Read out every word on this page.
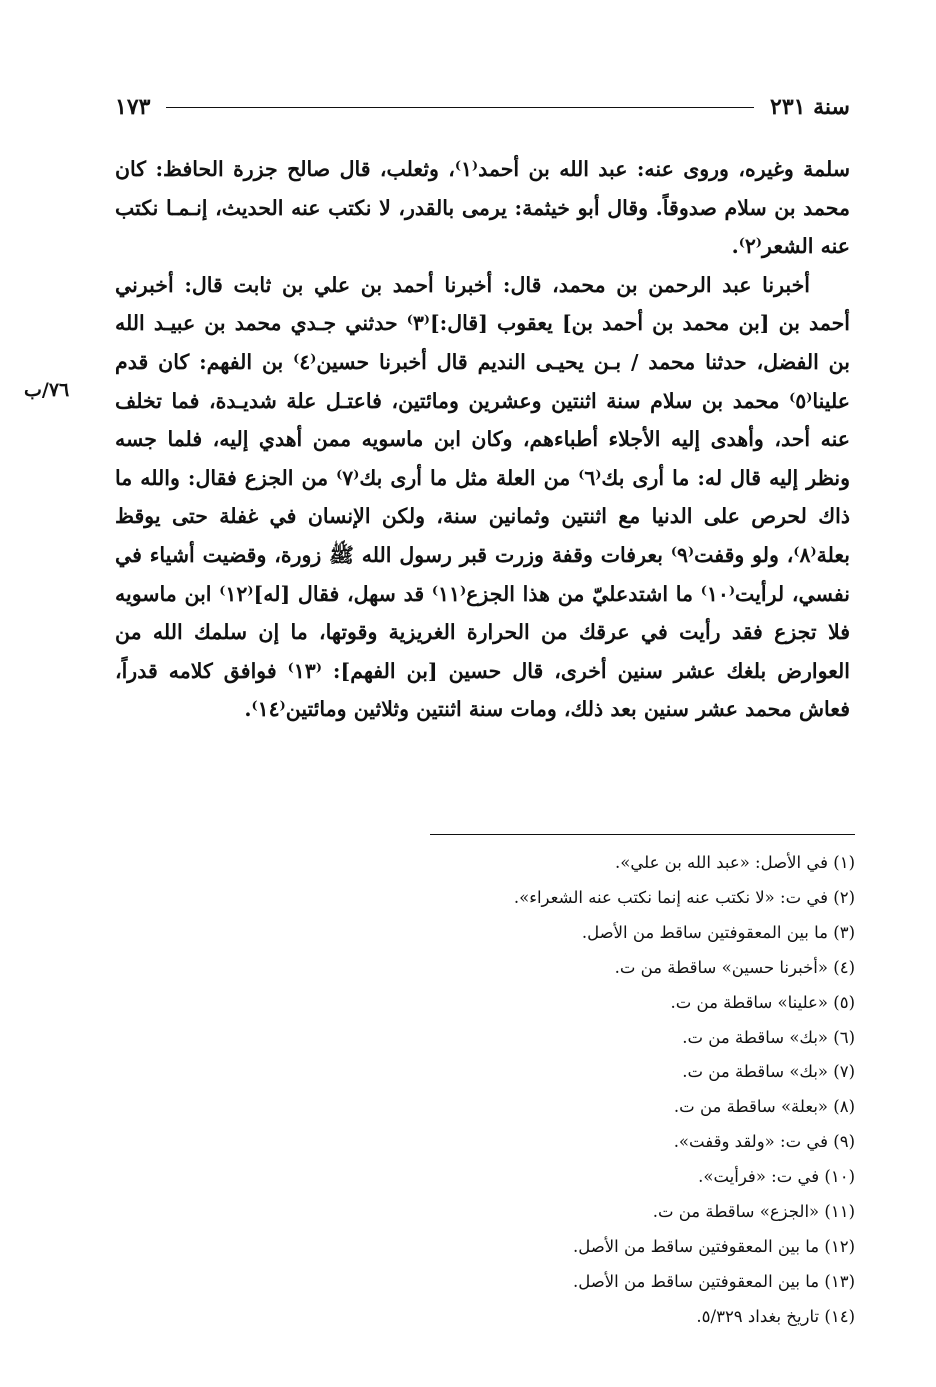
سنة ٢٣١
١٧٣

سلمة وغيره، وروى عنه: عبد الله بن أحمد⁽١⁾، وثعلب، قال صالح جزرة الحافظ: كان محمد بن سلام صدوقاً. وقال أبو خيثمة: يرمى بالقدر، لا نكتب عنه الحديث، إنـمـا نكتب عنه الشعر⁽٢⁾.

أخبرنا عبد الرحمن بن محمد، قال: أخبرنا أحمد بن علي بن ثابت قال: أخبرني أحمد بن [بن محمد بن أحمد بن] يعقوب [قال:]⁽٣⁾ حدثني جـدي محمد بن عبيـد الله بن الفضل، حدثنا محمد / بـن يحيـى النديم قال أخبرنا حسين⁽٤⁾ بن الفهم: كان قدم علينا⁽٥⁾ محمد بن سلام سنة اثنتين وعشرين ومائتين، فاعتـل علة شديـدة، فما تخلف عنه أحد، وأهدى إليه الأجلاء أطباءهم، وكان ابن ماسويه ممن أهدي إليه، فلما جسه ونظر إليه قال له: ما أرى بك⁽٦⁾ من العلة مثل ما أرى بك⁽٧⁾ من الجزع فقال: والله ما ذاك لحرص على الدنيا مع اثنتين وثمانين سنة، ولكن الإنسان في غفلة حتى يوقظ بعلة⁽٨⁾، ولو وقفت⁽٩⁾ بعرفات وقفة وزرت قبر رسول الله ﷺ زورة، وقضيت أشياء في نفسي، لرأيت⁽١٠⁾ ما اشتدعليّ من هذا الجزع⁽١١⁾ قد سهل، فقال [له]⁽١٢⁾ ابن ماسويه فلا تجزع فقد رأيت في عرقك من الحرارة الغريزية وقوتها، ما إن سلمك الله من العوارض بلغك عشر سنين أخرى، قال حسين [بن الفهم]: ⁽١٣⁾ فوافق كلامه قدراً، فعاش محمد عشر سنين بعد ذلك، ومات سنة اثنتين وثلاثين ومائتين⁽١٤⁾.

٧٦/ب
(١) في الأصل: «عبد الله بن علي».
(٢) في ت: «لا نكتب عنه إنما نكتب عنه الشعراء».
(٣) ما بين المعقوفتين ساقط من الأصل.
(٤) «أخبرنا حسين» ساقطة من ت.
(٥) «علينا» ساقطة من ت.
(٦) «بك» ساقطة من ت.
(٧) «بك» ساقطة من ت.
(٨) «بعلة» ساقطة من ت.
(٩) في ت: «ولقد وقفت».
(١٠) في ت: «فرأيت».
(١١) «الجزع» ساقطة من ت.
(١٢) ما بين المعقوفتين ساقط من الأصل.
(١٣) ما بين المعقوفتين ساقط من الأصل.
(١٤) تاريخ بغداد ٥/٣٢٩.
